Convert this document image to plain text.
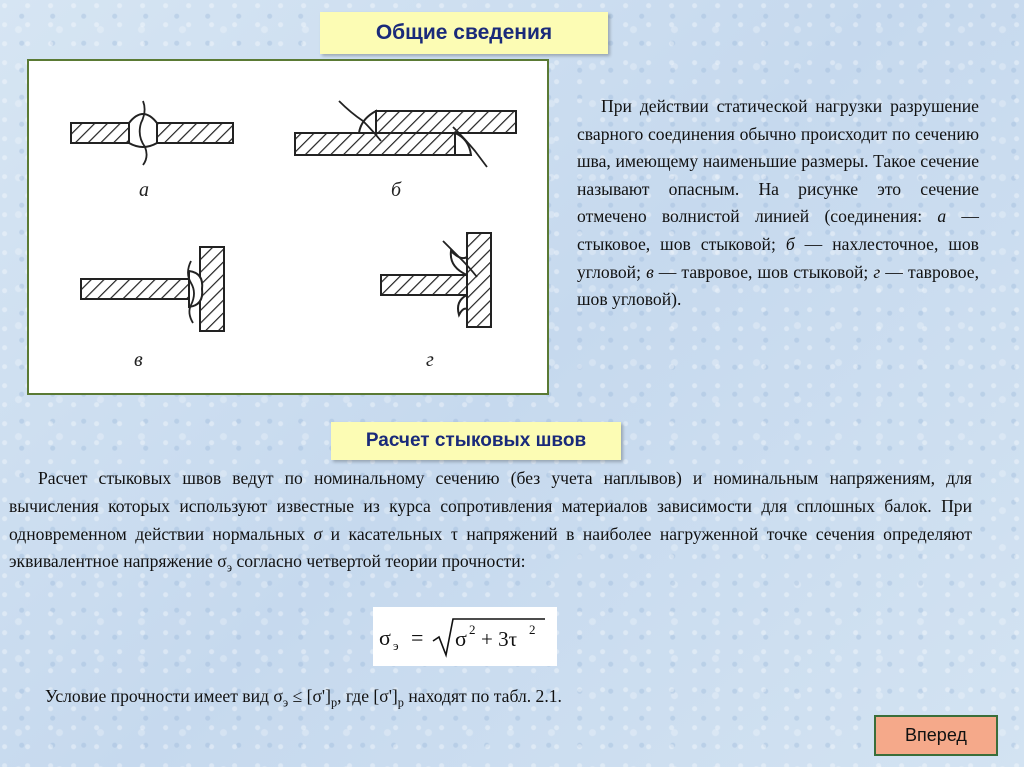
Общие сведения
а	б
в	г

При действии статической нагрузки разрушение сварного соединения обычно происходит по сечению шва, имеющему наименьшие размеры. Такое сечение называют опасным. На рисунке это сечение отмечено волнистой линией (соединения: а — стыковое, шов стыковой; б — нахлесточное, шов угловой; в — тавровое, шов стыковой; г — тавровое, шов угловой).

Расчет стыковых швов

Расчет стыковых швов ведут по номинальному сечению (без учета наплывов) и номинальным напряжениям, для вычисления которых используют известные из курса сопротивления материалов зависимости для сплошных балок. При одновременном действии нормальных σ и касательных τ напряжений в наиболее нагруженной точке сечения определяют эквивалентное напряжение $\sigma_э$ согласно четвертой теории прочности:

σ э = σ 2 + 3τ 2
Условие прочности имеет вид $\sigma_э \le [\sigma']_p$, где $[\sigma']_p$ находят по табл. 2.1.
Вперед
